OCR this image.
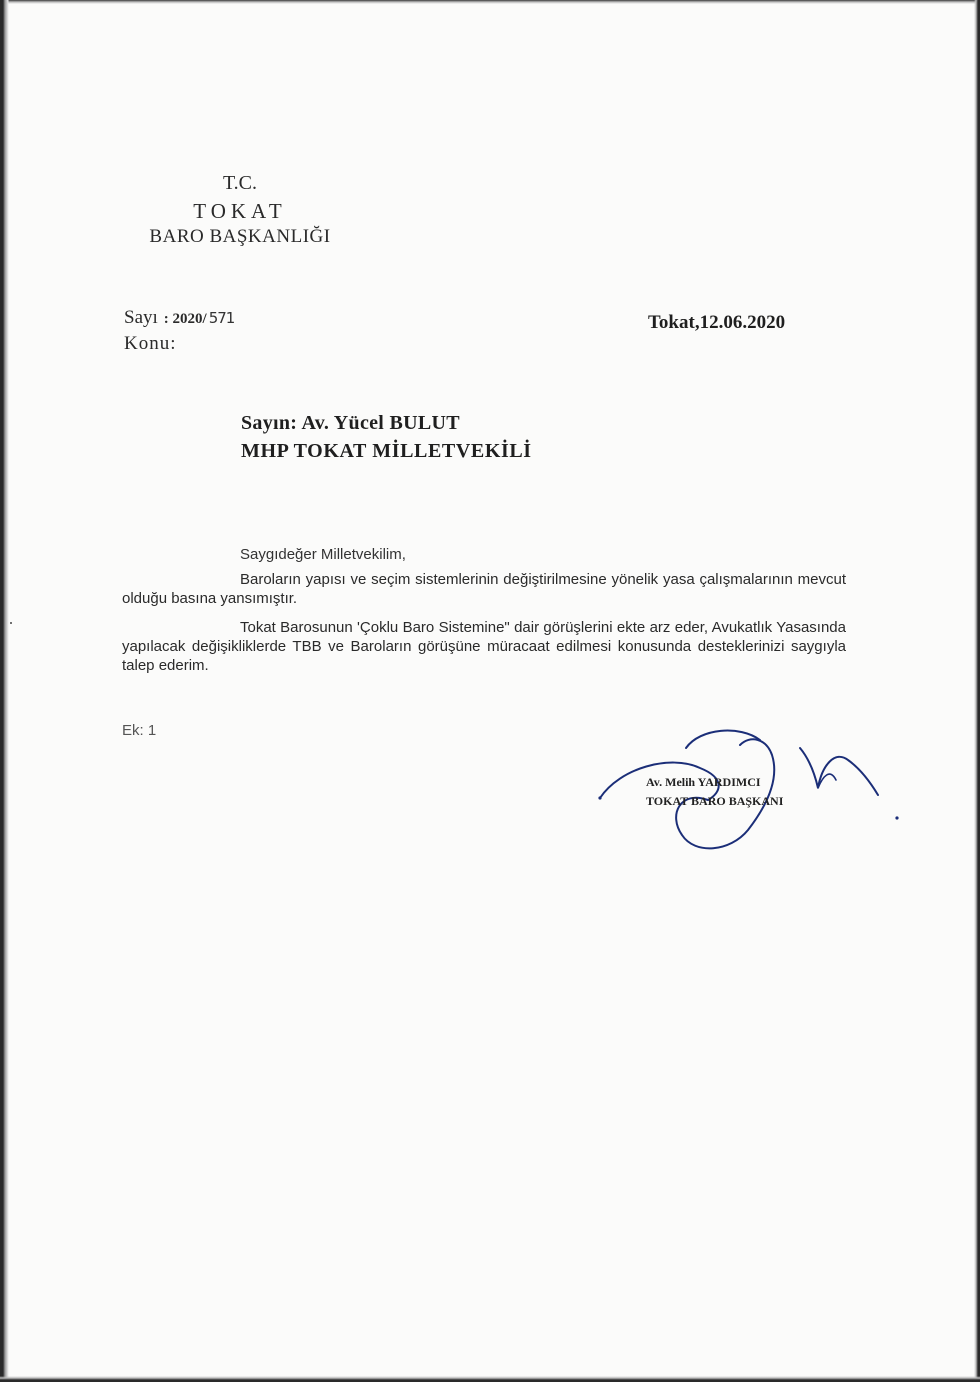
T.C.
TOKAT
BARO BAŞKANLIĞI
Sayı : 2020/ 571
Konu:
Tokat,12.06.2020
Sayın: Av. Yücel BULUT
MHP TOKAT MİLLETVEKİLİ
Saygıdeğer Milletvekilim,
Baroların yapısı ve seçim sistemlerinin değiştirilmesine yönelik yasa çalışmalarının mevcut olduğu basına yansımıştır.
Tokat Barosunun 'Çoklu Baro Sistemine" dair görüşlerini ekte arz eder, Avukatlık Yasasında yapılacak değişikliklerde TBB ve Baroların görüşüne müracaat edilmesi konusunda desteklerinizi saygıyla talep ederim.
Ek: 1
Av. Melih YARDIMCI
TOKAT BARO BAŞKANI
